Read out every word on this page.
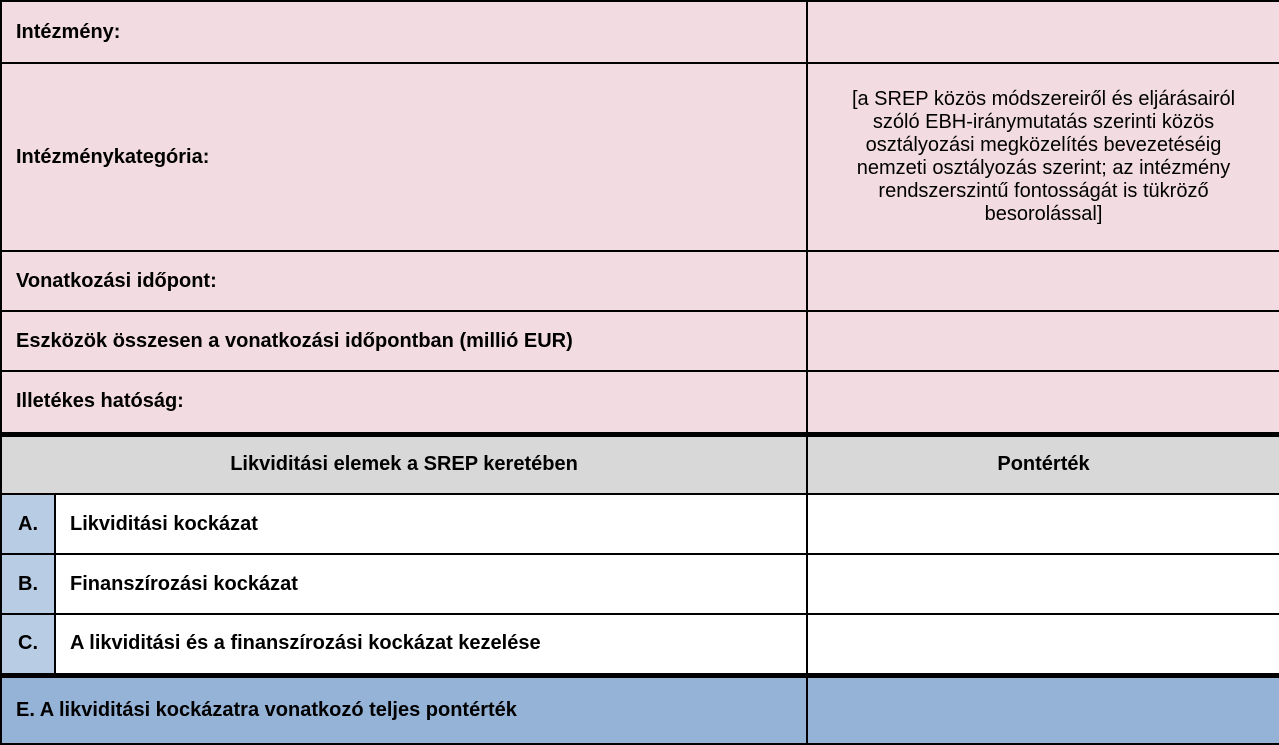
Intézmény:		
Intézménykategória:		[a SREP közös módszereiről és eljárásairól szóló EBH-iránymutatás szerinti közös osztályozási megközelítés bevezetéséig nemzeti osztályozás szerint; az intézmény rendszerszintű fontosságát is tükröző besorolással]
Vonatkozási időpont:		
Eszközök összesen a vonatkozási időpontban (millió EUR)		
Illetékes hatóság:		
Likviditási elemek a SREP keretében		Pontérték
A.	Likviditási kockázat	
B.	Finanszírozási kockázat	
C.	A likviditási és a finanszírozási kockázat kezelése	
E. A likviditási kockázatra vonatkozó teljes pontérték		
